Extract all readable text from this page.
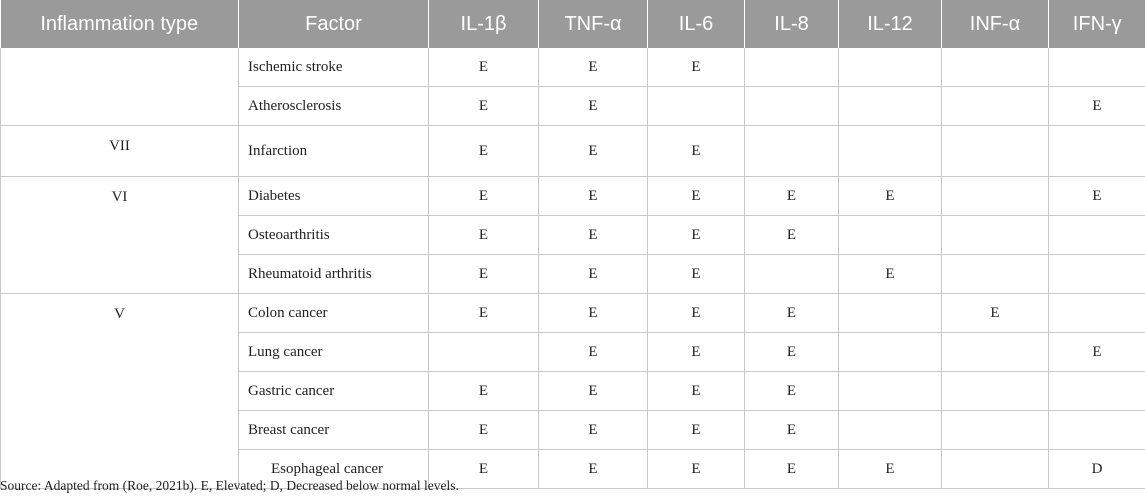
Inflammation type	Factor	IL-1β	TNF-α	IL-6	IL-8	IL-12	INF-α	IFN-γ
	Ischemic stroke	E	E	E				
	Atherosclerosis	E	E					E
VII	Infarction	E	E	E				
VI	Diabetes	E	E	E	E	E		E
	Osteoarthritis	E	E	E	E			
	Rheumatoid arthritis	E	E	E		E		
V	Colon cancer	E	E	E	E		E	
	Lung cancer		E	E	E			E
	Gastric cancer	E	E	E	E			
	Breast cancer	E	E	E	E			
	Esophageal cancer	E	E	E	E	E		D
Source: Adapted from (Roe, 2021b). E, Elevated; D, Decreased below normal levels.
